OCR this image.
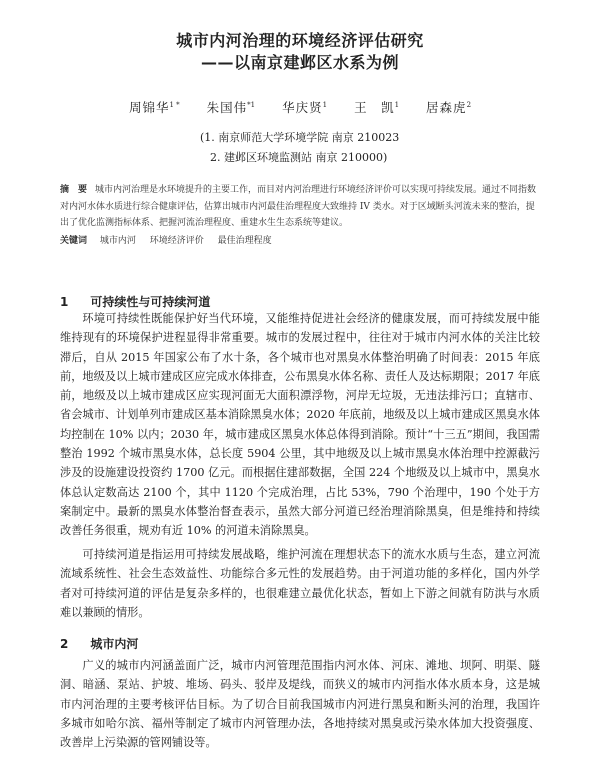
城市内河治理的环境经济评估研究
——以南京建邺区水系为例
周锦华$^{1 *}$ 朱国伟$^{*1}$ 华庆贤$^1$ 王　凯$^1$ 居森虎$^2$
(1. 南京师范大学环境学院 南京 210023
2. 建邺区环境监测站 南京 210000)
摘　要 城市内河治理是水环境提升的主要工作，而目对内河治理进行环境经济评价可以实现可持续发展。通过不同指数对内河水体水质进行综合健康评估，估算出城市内河最佳治理程度大致维持 IV 类水。对于区域断头河流未来的整治，提出了优化监测指标体系、把握河流治理程度、重建水生生态系统等建议。
关键词 城市内河 环境经济评价 最佳治理程度
1 可持续性与可持续河道

环境可持续性既能保护好当代环境，又能维持促进社会经济的健康发展，而可持续发展中能维持现有的环境保护进程显得非常重要。城市的发展过程中，往往对于城市内河水体的关注比较滞后，自从 2015 年国家公布了水十条，各个城市也对黑臭水体整治明确了时间表：2015 年底前，地级及以上城市建成区应完成水体排查，公布黑臭水体名称、责任人及达标期限；2017 年底前，地级及以上城市建成区应实现河面无大面积漂浮物，河岸无垃圾，无违法排污口；直辖市、省会城市、计划单列市建成区基本消除黑臭水体；2020 年底前，地级及以上城市建成区黑臭水体均控制在 10% 以内；2030 年，城市建成区黑臭水体总体得到消除。预计“十三五”期间，我国需整治 1992 个城市黑臭水体，总长度 5904 公里，其中地级及以上城市黑臭水体治理中控源截污涉及的设施建设投资约 1700 亿元。而根据住建部数据，全国 224 个地级及以上城市中，黑臭水体总认定数高达 2100 个，其中 1120 个完成治理，占比 53%，790 个治理中，190 个处于方案制定中。最新的黑臭水体整治督查表示，虽然大部分河道已经治理消除黑臭，但是维持和持续改善任务很重，规劝有近 10% 的河道未消除黑臭。

可持续河道是指运用可持续发展战略，维护河流在理想状态下的流水水质与生态，建立河流流域系统性、社会生态效益性、功能综合多元性的发展趋势。由于河道功能的多样化，国内外学者对可持续河道的评估是复杂多样的，也很难建立最优化状态，暂如上下游之间就有防洪与水质难以兼顾的情形。

2 城市内河

广义的城市内河涵盖面广泛，城市内河管理范围指内河水体、河床、滩地、坝阿、明渠、隧洞、暗涵、泵站、护坡、堆场、码头、驳岸及堤线，而狭义的城市内河指水体水质本身，这是城市内河治理的主要考核评估目标。为了切合目前我国城市内河进行黑臭和断头河的治理，我国许多城市如哈尔滨、福州等制定了城市内河管理办法，各地持续对黑臭或污染水体加大投资强度、改善岸上污染源的管网铺设等。
